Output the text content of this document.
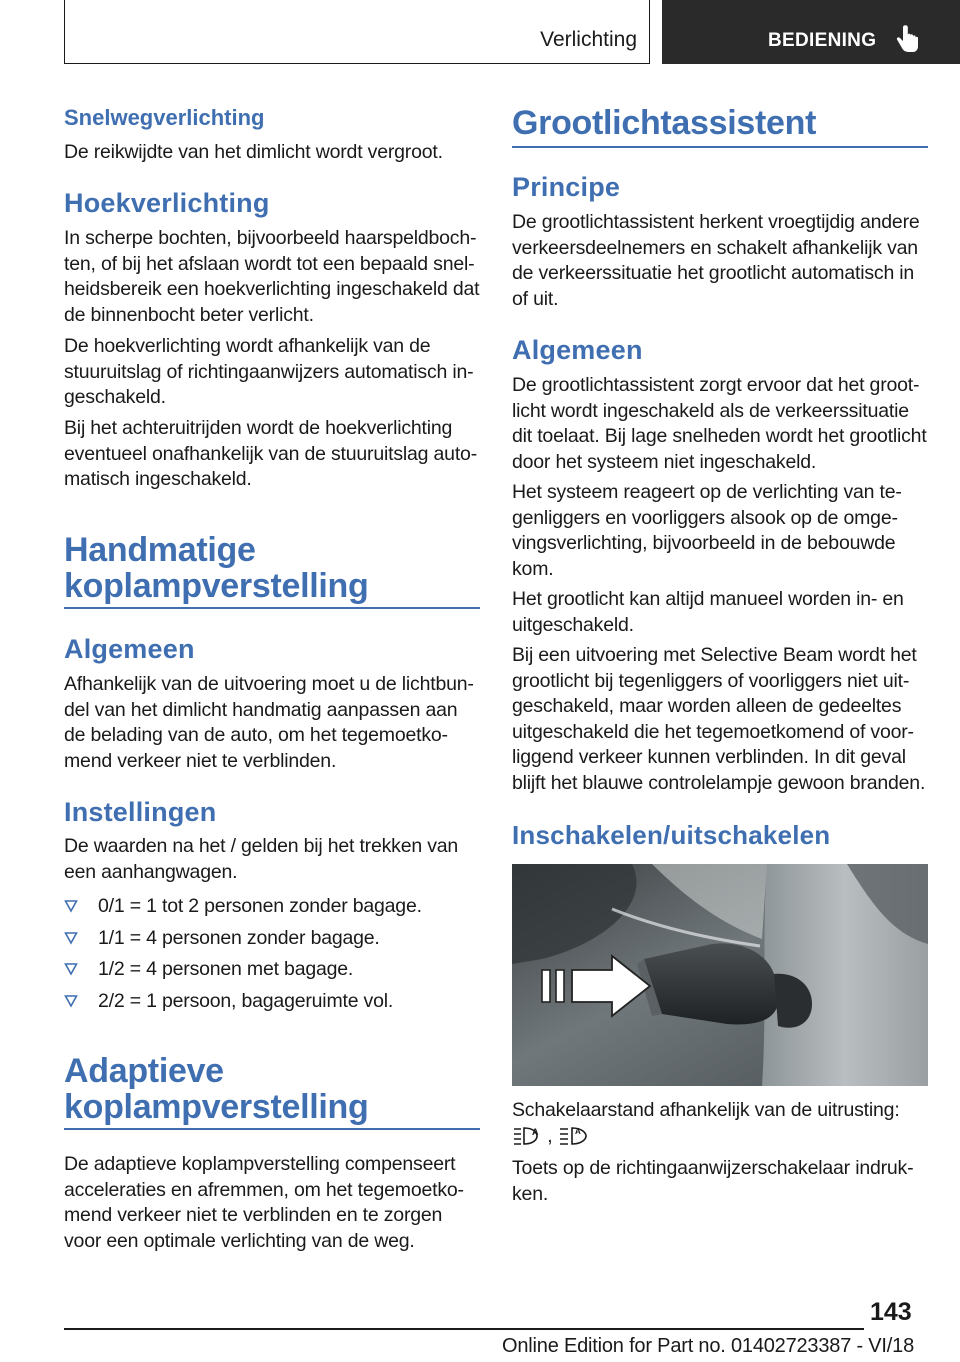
Verlichting	BEDIENING
Snelwegverlichting

De reikwijdte van het dimlicht wordt vergroot.

Hoekverlichting

In scherpe bochten, bijvoorbeeld haarspeldbochten, of bij het afslaan wordt tot een bepaald snelheidsbereik een hoekverlichting ingeschakeld dat de binnenbocht beter verlicht.

De hoekverlichting wordt afhankelijk van de stuuruitslag of richtingaanwijzers automatisch ingeschakeld.

Bij het achteruitrijden wordt de hoekverlichting eventueel onafhankelijk van de stuuruitslag automatisch ingeschakeld.

Handmatige
koplampverstelling
Algemeen

Afhankelijk van de uitvoering moet u de lichtbundel van het dimlicht handmatig aanpassen aan de belading van de auto, om het tegemoetkomend verkeer niet te verblinden.

Instellingen

De waarden na het / gelden bij het trekken van een aanhangwagen.

0/1 = 1 tot 2 personen zonder bagage.
1/1 = 4 personen zonder bagage.
1/2 = 4 personen met bagage.
2/2 = 1 persoon, bagageruimte vol.
Adaptieve
koplampverstelling

De adaptieve koplampverstelling compenseert acceleraties en afremmen, om het tegemoetkomend verkeer niet te verblinden en te zorgen voor een optimale verlichting van de weg.

Grootlichtassistent
Principe

De grootlichtassistent herkent vroegtijdig andere verkeersdeelnemers en schakelt afhankelijk van de verkeerssituatie het grootlicht automatisch in of uit.

Algemeen

De grootlichtassistent zorgt ervoor dat het grootlicht wordt ingeschakeld als de verkeerssituatie dit toelaat. Bij lage snelheden wordt het grootlicht door het systeem niet ingeschakeld.

Het systeem reageert op de verlichting van tegenliggers en voorliggers alsook op de omgevingsverlichting, bijvoorbeeld in de bebouwde kom.

Het grootlicht kan altijd manueel worden in- en uitgeschakeld.

Bij een uitvoering met Selective Beam wordt het grootlicht bij tegenliggers of voorliggers niet uitgeschakeld, maar worden alleen de gedeeltes uitgeschakeld die het tegemoetkomend of voorliggend verkeer kunnen verblinden. In dit geval blijft het blauwe controlelampje gewoon branden.

Inschakelen/uitschakelen

Schakelaarstand afhankelijk van de uitrusting:

A ,	A

Toets op de richtingaanwijzerschakelaar indrukken.

143
Online Edition for Part no. 01402723387 - VI/18
